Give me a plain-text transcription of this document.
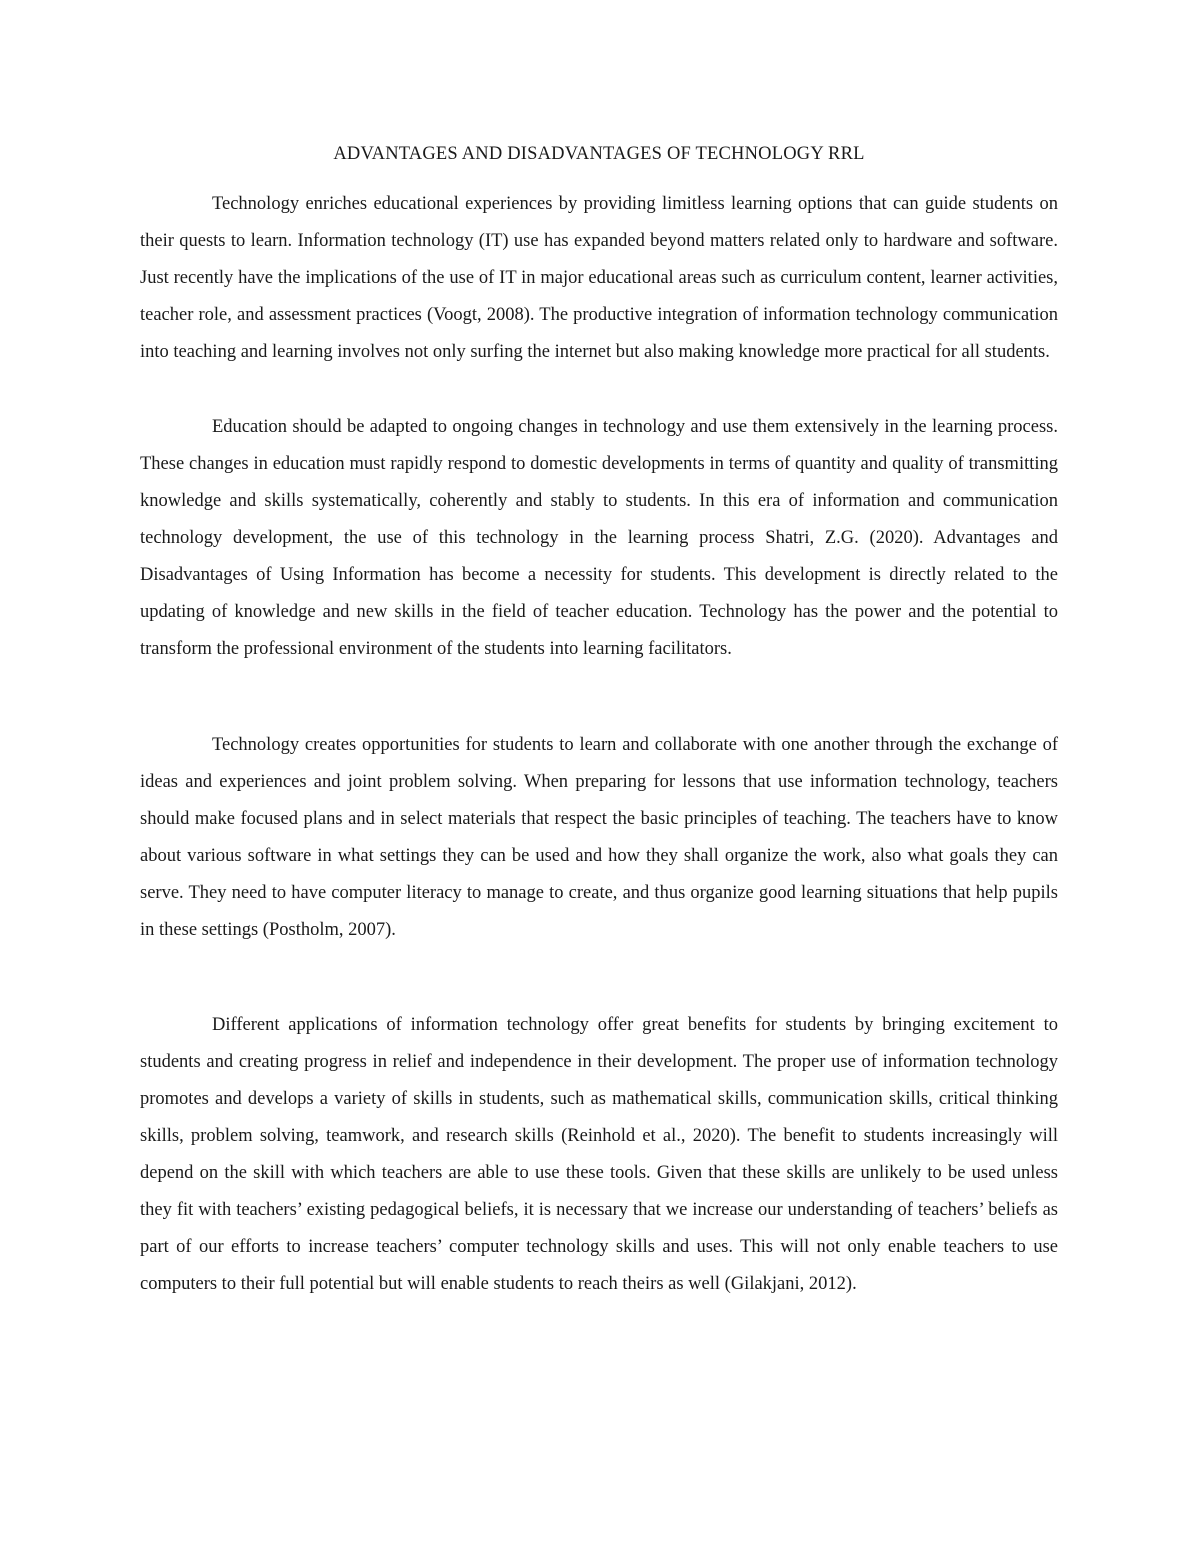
ADVANTAGES AND DISADVANTAGES OF TECHNOLOGY RRL

Technology enriches educational experiences by providing limitless learning options that can guide students on their quests to learn. Information technology (IT) use has expanded beyond matters related only to hardware and software. Just recently have the implications of the use of IT in major educational areas such as curriculum content, learner activities, teacher role, and assessment practices (Voogt, 2008). The productive integration of information technology communication into teaching and learning involves not only surfing the internet but also making knowledge more practical for all students.

Education should be adapted to ongoing changes in technology and use them extensively in the learning process. These changes in education must rapidly respond to domestic developments in terms of quantity and quality of transmitting knowledge and skills systematically, coherently and stably to students. In this era of information and communication technology development, the use of this technology in the learning process Shatri, Z.G. (2020). Advantages and Disadvantages of Using Information has become a necessity for students. This development is directly related to the updating of knowledge and new skills in the field of teacher education. Technology has the power and the potential to transform the professional environment of the students into learning facilitators.

Technology creates opportunities for students to learn and collaborate with one another through the exchange of ideas and experiences and joint problem solving. When preparing for lessons that use information technology, teachers should make focused plans and in select materials that respect the basic principles of teaching. The teachers have to know about various software in what settings they can be used and how they shall organize the work, also what goals they can serve. They need to have computer literacy to manage to create, and thus organize good learning situations that help pupils in these settings (Postholm, 2007).

Different applications of information technology offer great benefits for students by bringing excitement to students and creating progress in relief and independence in their development. The proper use of information technology promotes and develops a variety of skills in students, such as mathematical skills, communication skills, critical thinking skills, problem solving, teamwork, and research skills (Reinhold et al., 2020). The benefit to students increasingly will depend on the skill with which teachers are able to use these tools. Given that these skills are unlikely to be used unless they fit with teachers’ existing pedagogical beliefs, it is necessary that we increase our understanding of teachers’ beliefs as part of our efforts to increase teachers’ computer technology skills and uses. This will not only enable teachers to use computers to their full potential but will enable students to reach theirs as well (Gilakjani, 2012).
